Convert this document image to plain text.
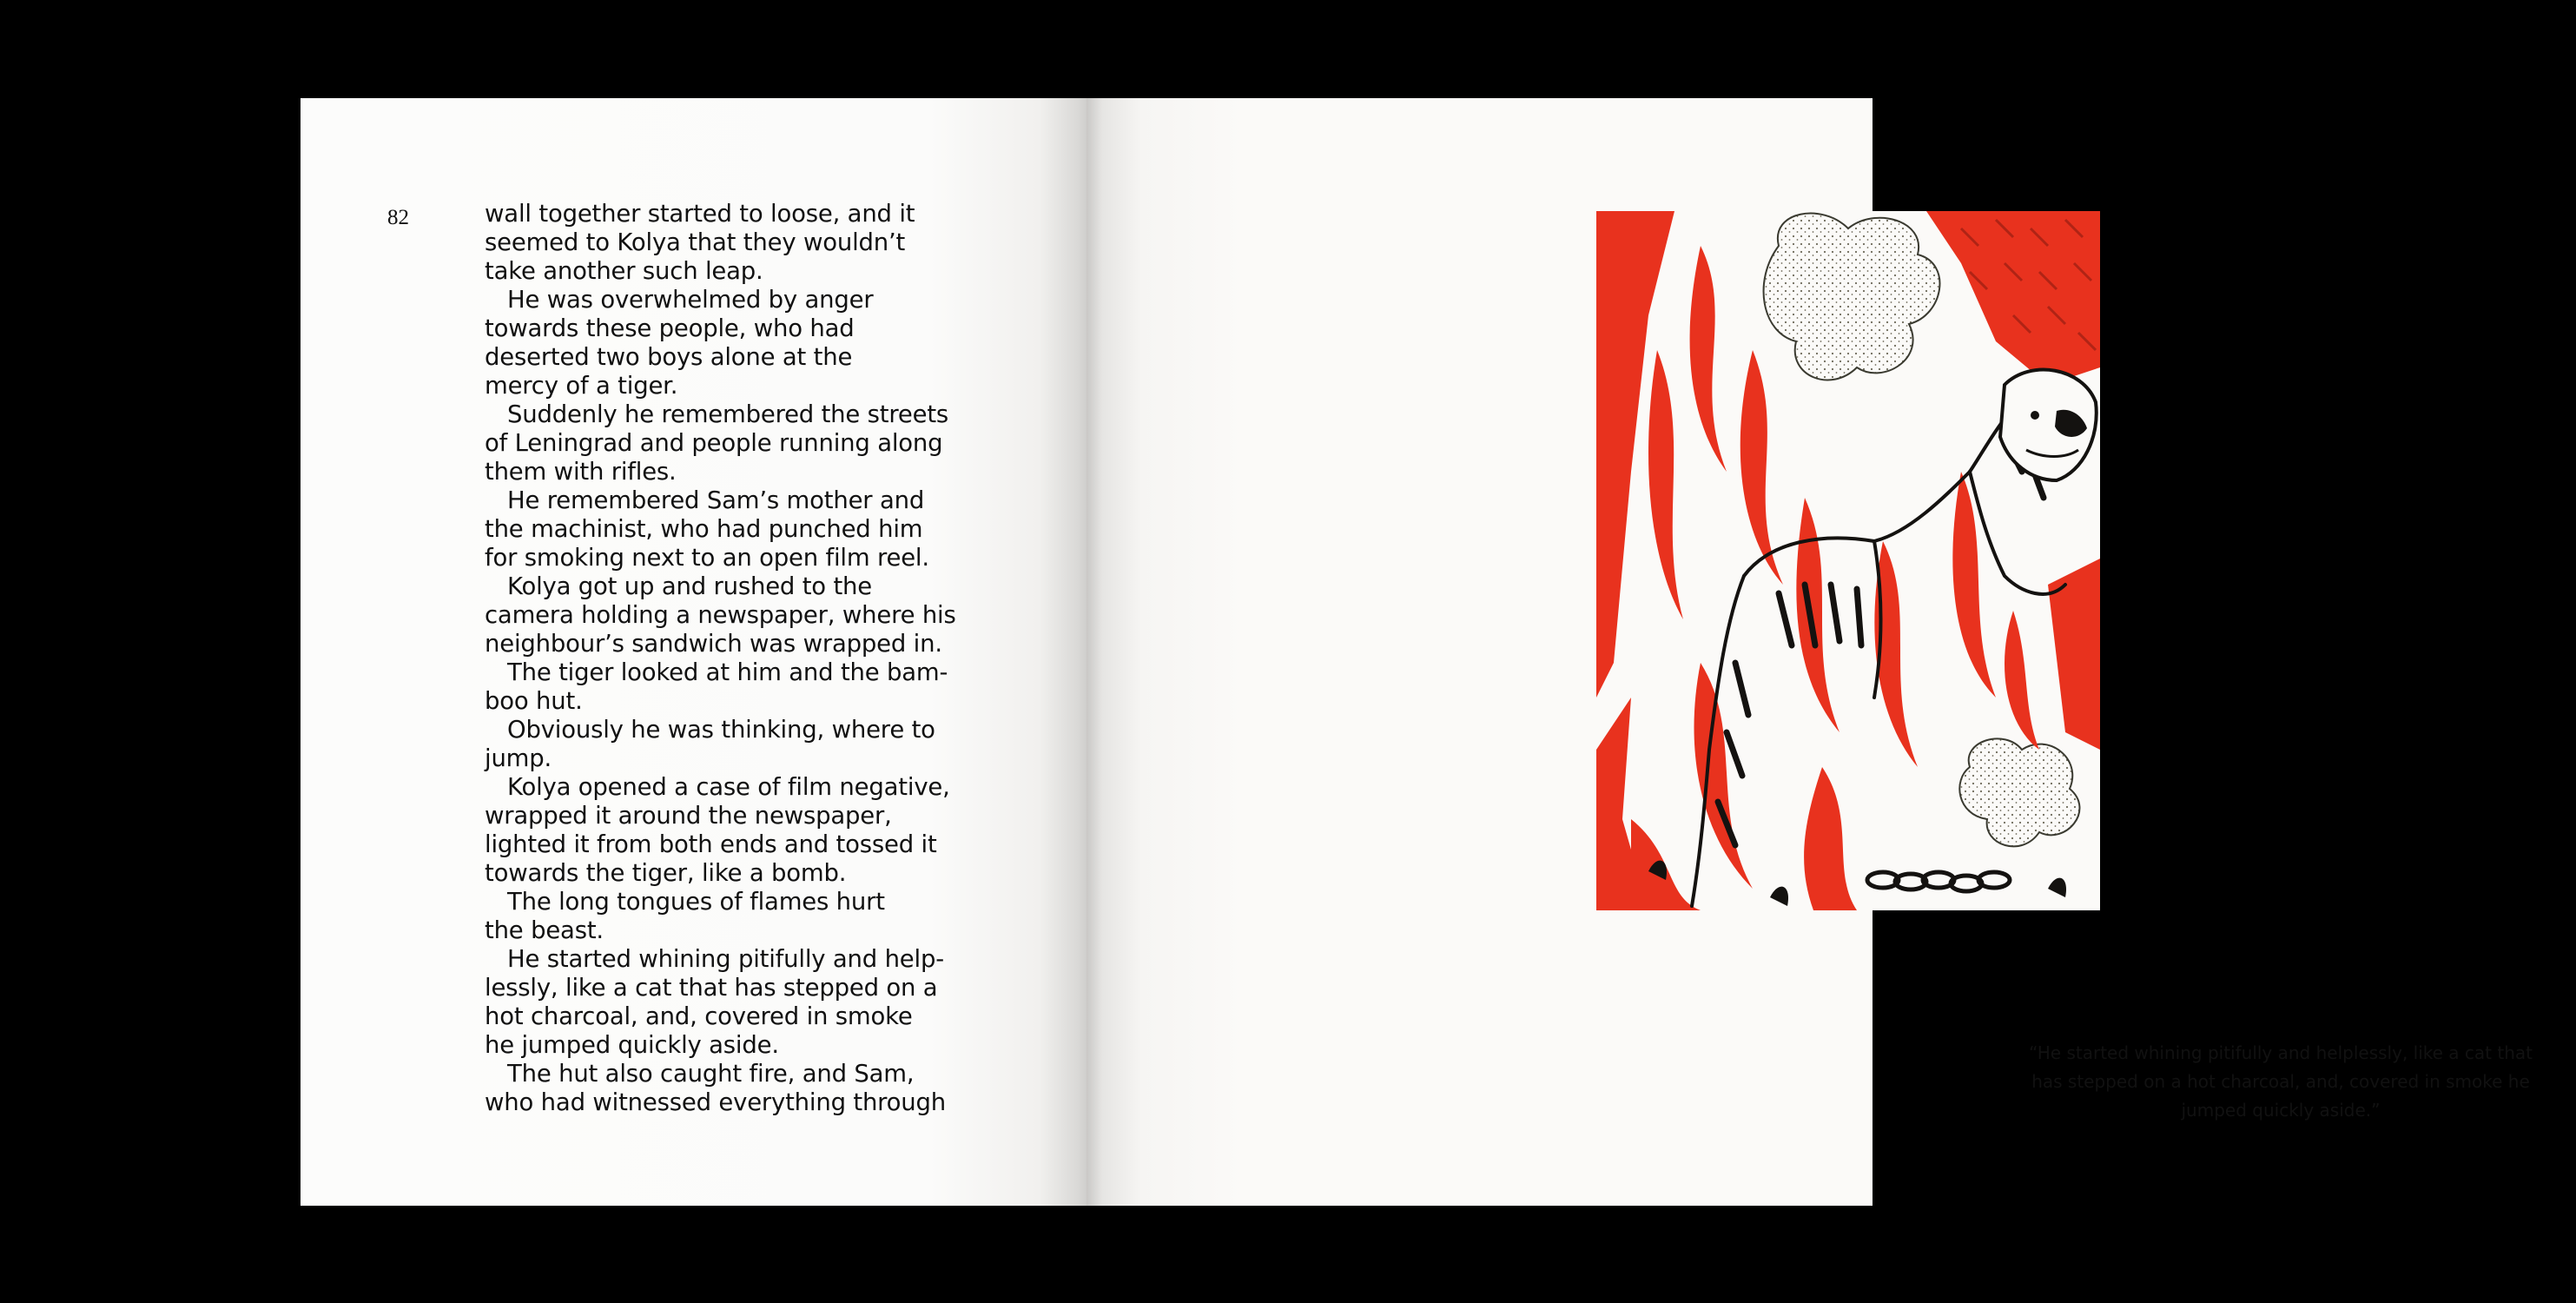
82	wall together started to loose, and it
seemed to Kolya that they wouldn’t
take another such leap.
He was overwhelmed by anger
towards these people, who had
deserted two boys alone at the
mercy of a tiger.
Suddenly he remembered the streets
of Leningrad and people running along
them with rifles.
He remembered Sam’s mother and
the machinist, who had punched him
for smoking next to an open film reel.
Kolya got up and rushed to the
camera holding a newspaper, where his
neighbour’s sandwich was wrapped in.
The tiger looked at him and the bam-
boo hut.
Obviously he was thinking, where to
jump.
Kolya opened a case of film negative,
wrapped it around the newspaper,
lighted it from both ends and tossed it
towards the tiger, like a bomb.
The long tongues of flames hurt
the beast.
He started whining pitifully and help-
lessly, like a cat that has stepped on a
hot charcoal, and, covered in smoke
he jumped quickly aside.
The hut also caught fire, and Sam,
who had witnessed everything through
“He started whining pitifully and helplessly, like a cat that
has stepped on a hot charcoal, and, covered in smoke he
jumped quickly aside.”
